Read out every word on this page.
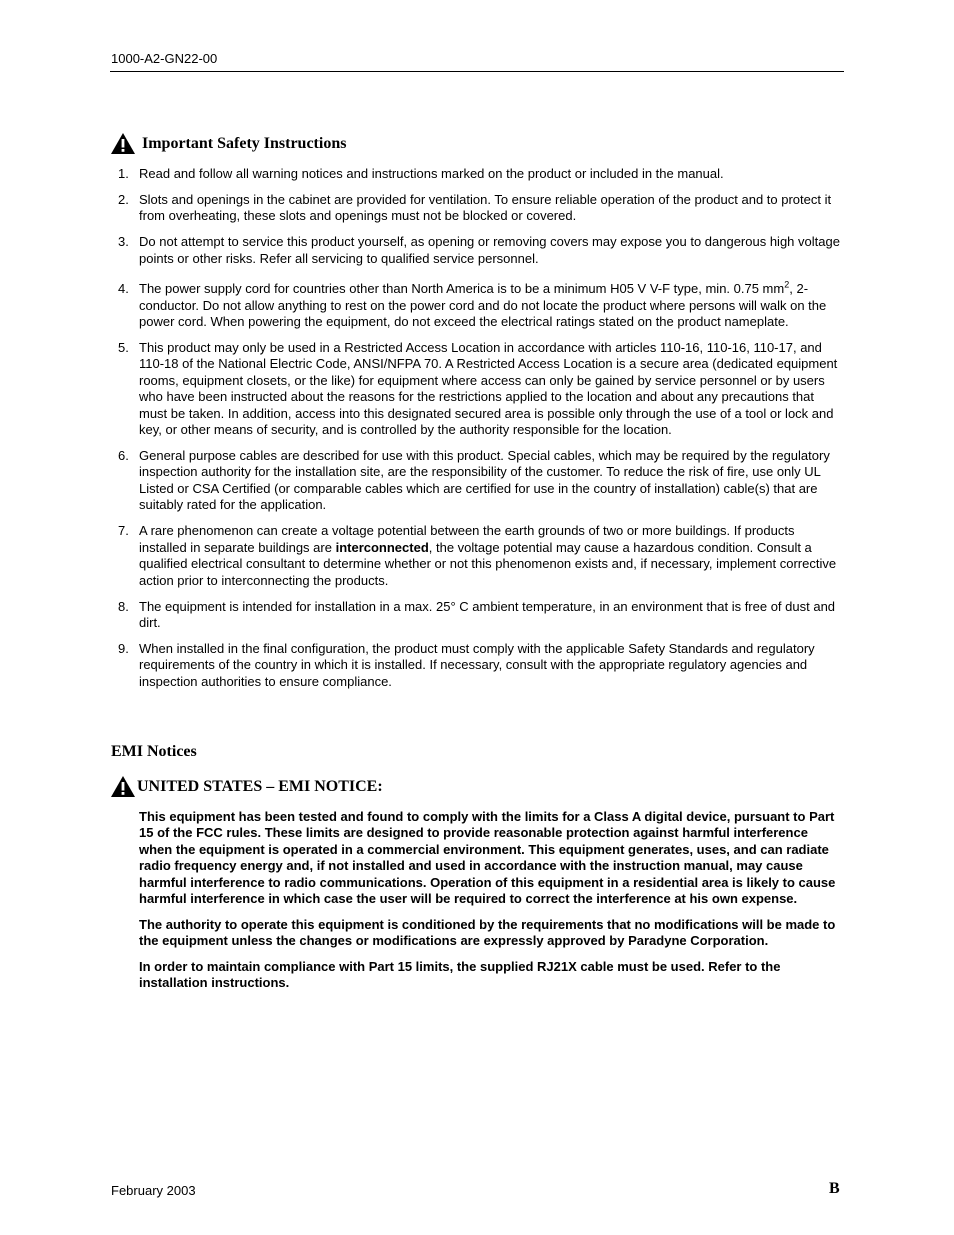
1000-A2-GN22-00
Important Safety Instructions
1. Read and follow all warning notices and instructions marked on the product or included in the manual.
2. Slots and openings in the cabinet are provided for ventilation. To ensure reliable operation of the product and to protect it from overheating, these slots and openings must not be blocked or covered.
3. Do not attempt to service this product yourself, as opening or removing covers may expose you to dangerous high voltage points or other risks. Refer all servicing to qualified service personnel.
4. The power supply cord for countries other than North America is to be a minimum H05 V V-F type, min. 0.75 $mm^2$, 2-conductor. Do not allow anything to rest on the power cord and do not locate the product where persons will walk on the power cord. When powering the equipment, do not exceed the electrical ratings stated on the product nameplate.
5. This product may only be used in a Restricted Access Location in accordance with articles 110-16, 110-16, 110-17, and 110-18 of the National Electric Code, ANSI/NFPA 70. A Restricted Access Location is a secure area (dedicated equipment rooms, equipment closets, or the like) for equipment where access can only be gained by service personnel or by users who have been instructed about the reasons for the restrictions applied to the location and about any precautions that must be taken. In addition, access into this designated secured area is possible only through the use of a tool or lock and key, or other means of security, and is controlled by the authority responsible for the location.
6. General purpose cables are described for use with this product. Special cables, which may be required by the regulatory inspection authority for the installation site, are the responsibility of the customer. To reduce the risk of fire, use only UL Listed or CSA Certified (or comparable cables which are certified for use in the country of installation) cable(s) that are suitably rated for the application.
7. A rare phenomenon can create a voltage potential between the earth grounds of two or more buildings. If products installed in separate buildings are interconnected, the voltage potential may cause a hazardous condition. Consult a qualified electrical consultant to determine whether or not this phenomenon exists and, if necessary, implement corrective action prior to interconnecting the products.
8. The equipment is intended for installation in a max. 25° C ambient temperature, in an environment that is free of dust and dirt.
9. When installed in the final configuration, the product must comply with the applicable Safety Standards and regulatory requirements of the country in which it is installed. If necessary, consult with the appropriate regulatory agencies and inspection authorities to ensure compliance.
EMI Notices
UNITED STATES – EMI NOTICE:

This equipment has been tested and found to comply with the limits for a Class A digital device, pursuant to Part 15 of the FCC rules. These limits are designed to provide reasonable protection against harmful interference when the equipment is operated in a commercial environment. This equipment generates, uses, and can radiate radio frequency energy and, if not installed and used in accordance with the instruction manual, may cause harmful interference to radio communications. Operation of this equipment in a residential area is likely to cause harmful interference in which case the user will be required to correct the interference at his own expense.

The authority to operate this equipment is conditioned by the requirements that no modifications will be made to the equipment unless the changes or modifications are expressly approved by Paradyne Corporation.

In order to maintain compliance with Part 15 limits, the supplied RJ21X cable must be used. Refer to the installation instructions.

February 2003	B
